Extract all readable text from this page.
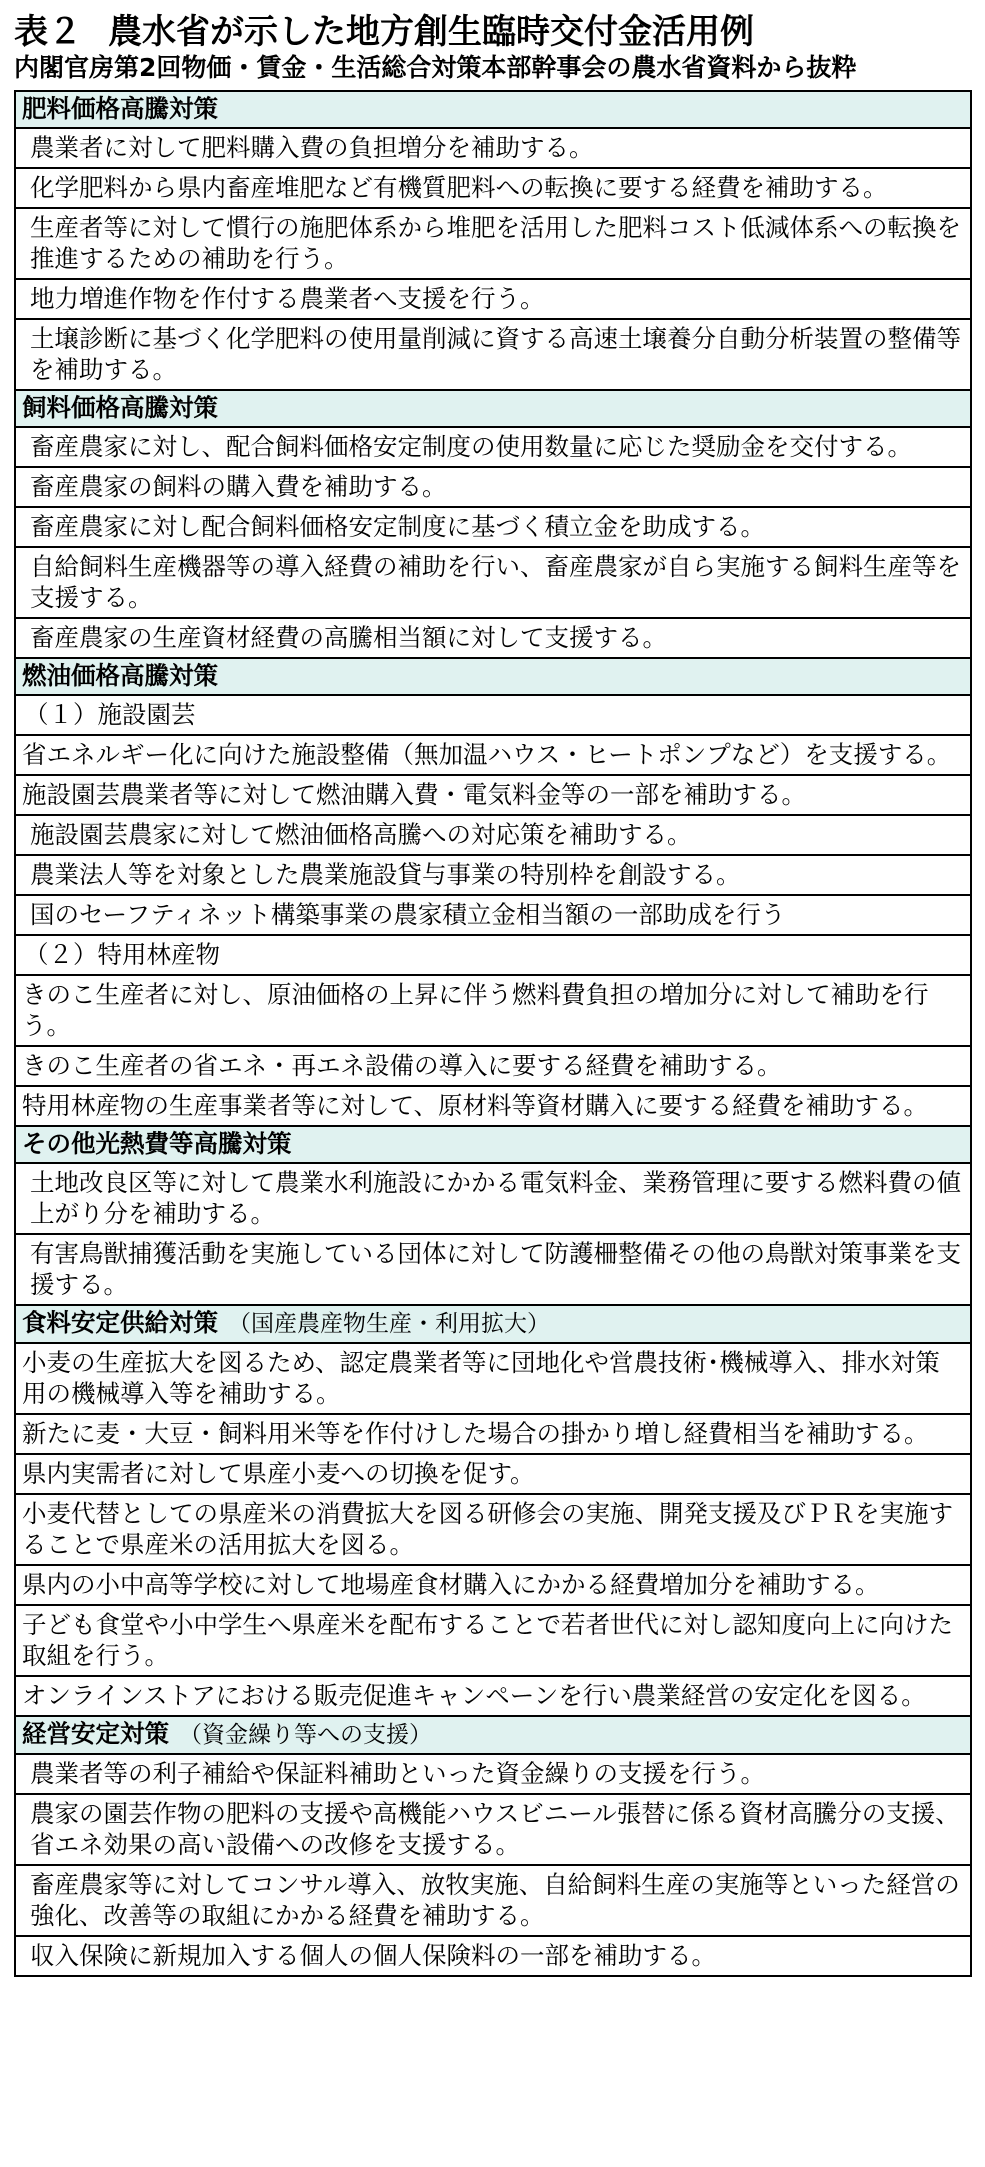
表２ 農水省が示した地方創生臨時交付金活用例
内閣官房第2回物価・賃金・生活総合対策本部幹事会の農水省資料から抜粋
肥料価格高騰対策
農業者に対して肥料購入費の負担増分を補助する。
化学肥料から県内畜産堆肥など有機質肥料への転換に要する経費を補助する。
生産者等に対して慣行の施肥体系から堆肥を活用した肥料コスト低減体系への転換を推進するための補助を行う。
地力増進作物を作付する農業者へ支援を行う。
土壌診断に基づく化学肥料の使用量削減に資する高速土壌養分自動分析装置の整備等を補助する。
飼料価格高騰対策
畜産農家に対し、配合飼料価格安定制度の使用数量に応じた奨励金を交付する。
畜産農家の飼料の購入費を補助する。
畜産農家に対し配合飼料価格安定制度に基づく積立金を助成する。
自給飼料生産機器等の導入経費の補助を行い、畜産農家が自ら実施する飼料生産等を支援する。
畜産農家の生産資材経費の高騰相当額に対して支援する。
燃油価格高騰対策
（１）施設園芸
省エネルギー化に向けた施設整備（無加温ハウス・ヒートポンプなど）を支援する。
施設園芸農業者等に対して燃油購入費・電気料金等の一部を補助する。
施設園芸農家に対して燃油価格高騰への対応策を補助する。
農業法人等を対象とした農業施設貸与事業の特別枠を創設する。
国のセーフティネット構築事業の農家積立金相当額の一部助成を行う
（２）特用林産物
きのこ生産者に対し、原油価格の上昇に伴う燃料費負担の増加分に対して補助を行う。
きのこ生産者の省エネ・再エネ設備の導入に要する経費を補助する。
特用林産物の生産事業者等に対して、原材料等資材購入に要する経費を補助する。
その他光熱費等高騰対策
土地改良区等に対して農業水利施設にかかる電気料金、業務管理に要する燃料費の値上がり分を補助する。
有害鳥獣捕獲活動を実施している団体に対して防護柵整備その他の鳥獣対策事業を支援する。
食料安定供給対策 （国産農産物生産・利用拡大）
小麦の生産拡大を図るため、認定農業者等に団地化や営農技術･機械導入、排水対策用の機械導入等を補助する。
新たに麦・大豆・飼料用米等を作付けした場合の掛かり増し経費相当を補助する。
県内実需者に対して県産小麦への切換を促す。
小麦代替としての県産米の消費拡大を図る研修会の実施、開発支援及びＰＲを実施することで県産米の活用拡大を図る。
県内の小中高等学校に対して地場産食材購入にかかる経費増加分を補助する。
子ども食堂や小中学生へ県産米を配布することで若者世代に対し認知度向上に向けた取組を行う。
オンラインストアにおける販売促進キャンペーンを行い農業経営の安定化を図る。
経営安定対策 （資金繰り等への支援）
農業者等の利子補給や保証料補助といった資金繰りの支援を行う。
農家の園芸作物の肥料の支援や高機能ハウスビニール張替に係る資材高騰分の支援、省エネ効果の高い設備への改修を支援する。
畜産農家等に対してコンサル導入、放牧実施、自給飼料生産の実施等といった経営の強化、改善等の取組にかかる経費を補助する。
収入保険に新規加入する個人の個人保険料の一部を補助する。
